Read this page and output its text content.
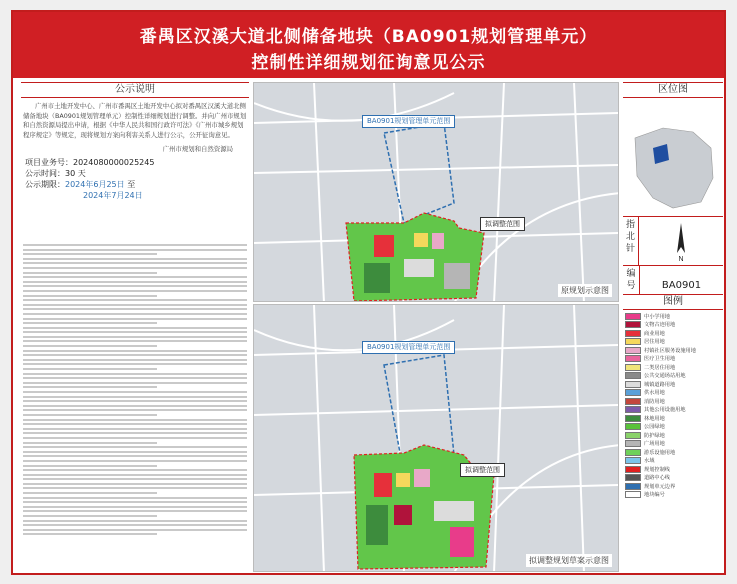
番禺区汉溪大道北侧储备地块（BA0901规划管理单元）
控制性详细规划征询意见公示
公示说明
广州市土地开发中心、广州市番禺区土地开发中心拟对番禺区汉溪大道北侧储备地块（BA0901规划管理单元）控制性详细规划进行调整。并向广州市规划和自然资源局提出申请，根据《中华人民共和国行政许可法》《广州市城乡规划程序规定》等规定，现将规划方案向利害关系人进行公示，公开征询意见。
广州市规划和自然资源局
项目业务号：2024080000025245
公示时间：30 天
公示期限：2024年6月25日 至
2024年7月24日
BA0901规划管理单元范围
拟调整范围
原规划示意图
BA0901规划管理单元范围
拟调整范围
拟调整规划草案示意图
区位图
指北针
N
编号	BA0901
图例
中小学用地
文物古迹用地
商业用地
居住用地
村镇社区服务设施用地
医疗卫生用地
二类居住用地
公共交通场站用地
城镇道路用地
供水用地
消防用地
其他公用设施用地
林地用地
公园绿地
防护绿地
广场用地
游乐设施用地
水域
规划控制线
道路中心线
规划单元边界
地块编号
